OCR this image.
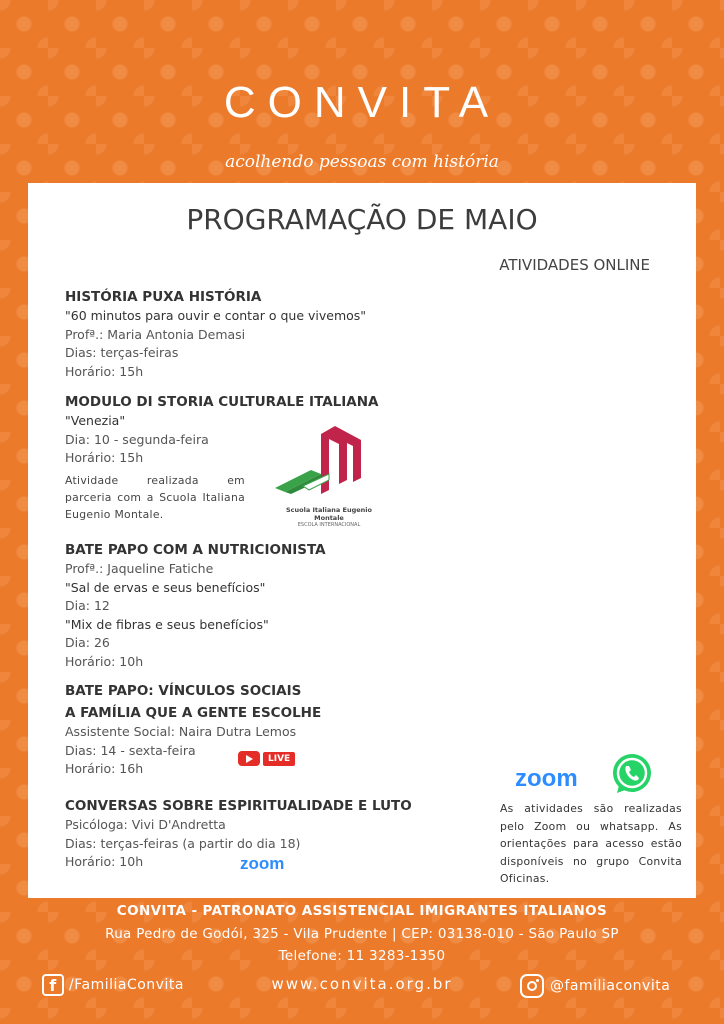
CONVITA
acolhendo pessoas com história
PROGRAMAÇÃO DE MAIO
ATIVIDADES ONLINE
HISTÓRIA PUXA HISTÓRIA
"60 minutos para ouvir e contar o que vivemos"
Profª.: Maria Antonia Demasi
Dias: terças-feiras
Horário: 15h
MODULO DI STORIA CULTURALE ITALIANA
"Venezia"
Dia: 10 - segunda-feira
Horário: 15h
Atividade realizada em parceria com a Scuola Italiana Eugenio Montale.	Scuola Italiana Eugenio Montale
ESCOLA INTERNACIONAL
BATE PAPO COM A NUTRICIONISTA
Profª.: Jaqueline Fatiche
"Sal de ervas e seus benefícios"
Dia: 12
"Mix de fibras e seus benefícios"
Dia: 26
Horário: 10h
BATE PAPO: VÍNCULOS SOCIAIS
A FAMÍLIA QUE A GENTE ESCOLHE
Assistente Social: Naira Dutra Lemos
Dias: 14 - sexta-feira
Horário: 16h
LIVE
CONVERSAS SOBRE ESPIRITUALIDADE E LUTO
Psicóloga: Vivi D'Andretta
Dias: terças-feiras (a partir do dia 18)
Horário: 10h	zoom
zoom
As atividades são realizadas pelo Zoom ou whatsapp. As orientações para acesso estão disponíveis no grupo Convita Oficinas.
CONVITA - PATRONATO ASSISTENCIAL IMIGRANTES ITALIANOS
Rua Pedro de Godói, 325 - Vila Prudente | CEP: 03138-010 - São Paulo SP
Telefone: 11 3283-1350
f /FamiliaConvita	www.convita.org.br	@familiaconvita
